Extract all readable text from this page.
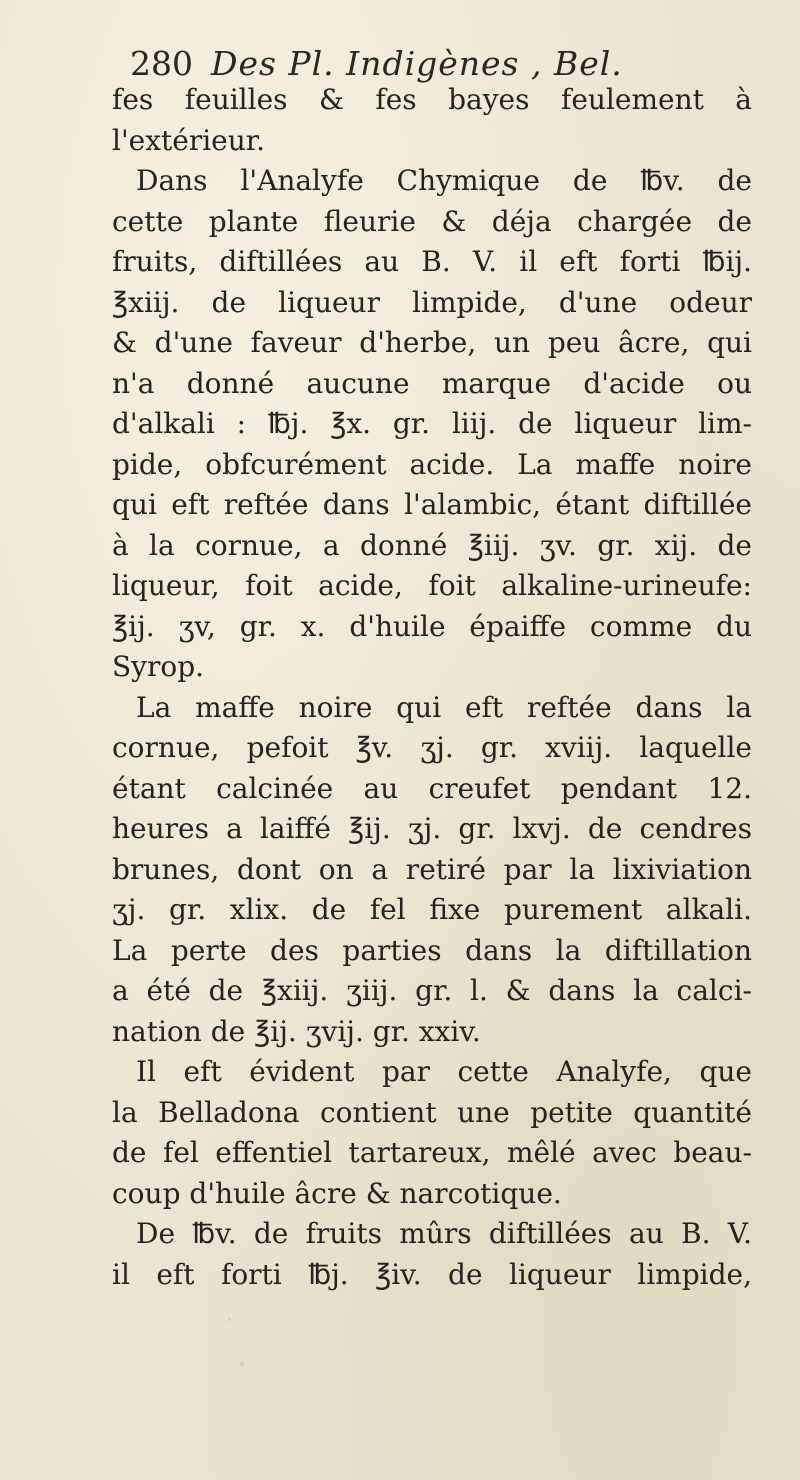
280 Des Pl. Indigènes , Bel.
fes feuilles & fes bayes feulement à
l'extérieur.
Dans l'Analyfe Chymique de ℔v. de
cette plante fleurie & déja chargée de
fruits, diftillées au B. V. il eft forti ℔ij.
℥xiij. de liqueur limpide, d'une odeur
& d'une faveur d'herbe, un peu âcre, qui
n'a donné aucune marque d'acide ou
d'alkali : ℔j. ℥x. gr. liij. de liqueur lim-
pide, obfcurément acide. La maffe noire
qui eft reftée dans l'alambic, étant diftillée
à la cornue, a donné ℥iij. ʒv. gr. xij. de
liqueur, foit acide, foit alkaline-urineufe:
℥ij. ʒv, gr. x. d'huile épaiffe comme du
Syrop.
La maffe noire qui eft reftée dans la
cornue, pefoit ℥v. ʒj. gr. xviij. laquelle
étant calcinée au creufet pendant 12.
heures a laiffé ℥ij. ʒj. gr. lxvj. de cendres
brunes, dont on a retiré par la lixiviation
ʒj. gr. xlix. de fel fixe purement alkali.
La perte des parties dans la diftillation
a été de ℥xiij. ʒiij. gr. l. & dans la calci-
nation de ℥ij. ʒvij. gr. xxiv.
Il eft évident par cette Analyfe, que
la Belladona contient une petite quantité
de fel effentiel tartareux, mêlé avec beau-
coup d'huile âcre & narcotique.
De ℔v. de fruits mûrs diftillées au B. V.
il eft forti ℔j. ℥iv. de liqueur limpide,
